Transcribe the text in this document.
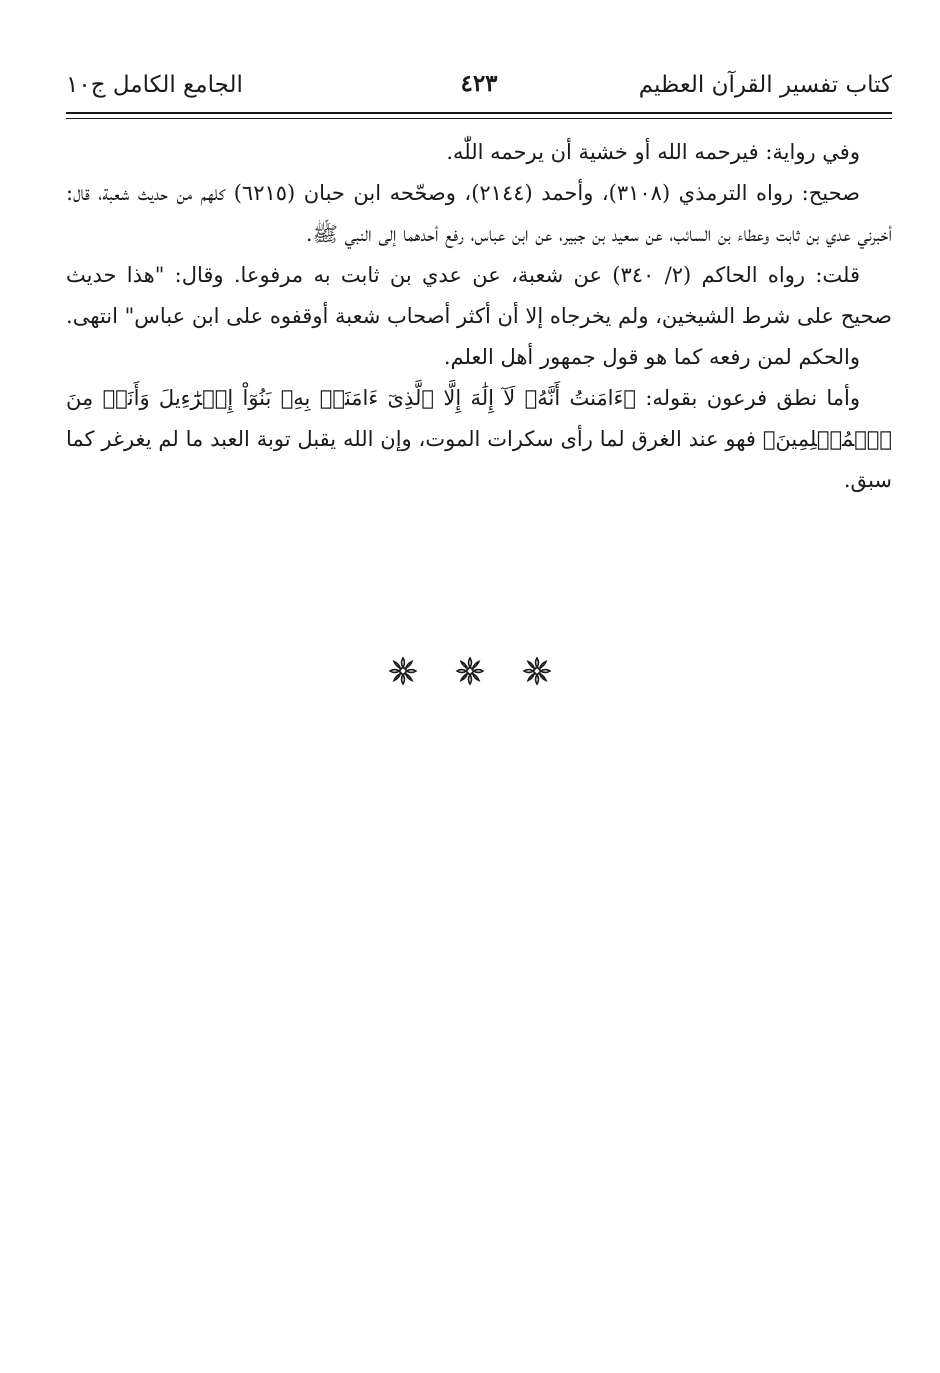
كتاب تفسير القرآن العظيم
٤٢٣
الجامع الكامل ج١٠

وفي رواية: فيرحمه الله أو خشية أن يرحمه اللّٰه.

صحيح: رواه الترمذي (٣١٠٨)، وأحمد (٢١٤٤)، وصحّحه ابن حبان (٦٢١٥) كلهم من حديث شعبة، قال: أخبرني عدي بن ثابت وعطاء بن السائب، عن سعيد بن جبير، عن ابن عباس، رفع أحدهما إلى النبي ﷺ.

قلت: رواه الحاكم (٢/ ٣٤٠) عن شعبة، عن عدي بن ثابت به مرفوعا. وقال: "هذا حديث صحيح على شرط الشيخين، ولم يخرجاه إلا أن أكثر أصحاب شعبة أوقفوه على ابن عباس" انتهى.

والحكم لمن رفعه كما هو قول جمهور أهل العلم.

وأما نطق فرعون بقوله: ﴿ءَامَنتُ أَنَّهُۥ لَآ إِلَٰهَ إِلَّا ٱلَّذِىٓ ءَامَنَتۡ بِهِۦ بَنُوٓاْ إِسۡرَٰٓءِيلَ وَأَنَا۠ مِنَ ٱلۡمُسۡلِمِينَ﴾ فهو عند الغرق لما رأى سكرات الموت، وإن الله يقبل توبة العبد ما لم يغرغر كما سبق.
